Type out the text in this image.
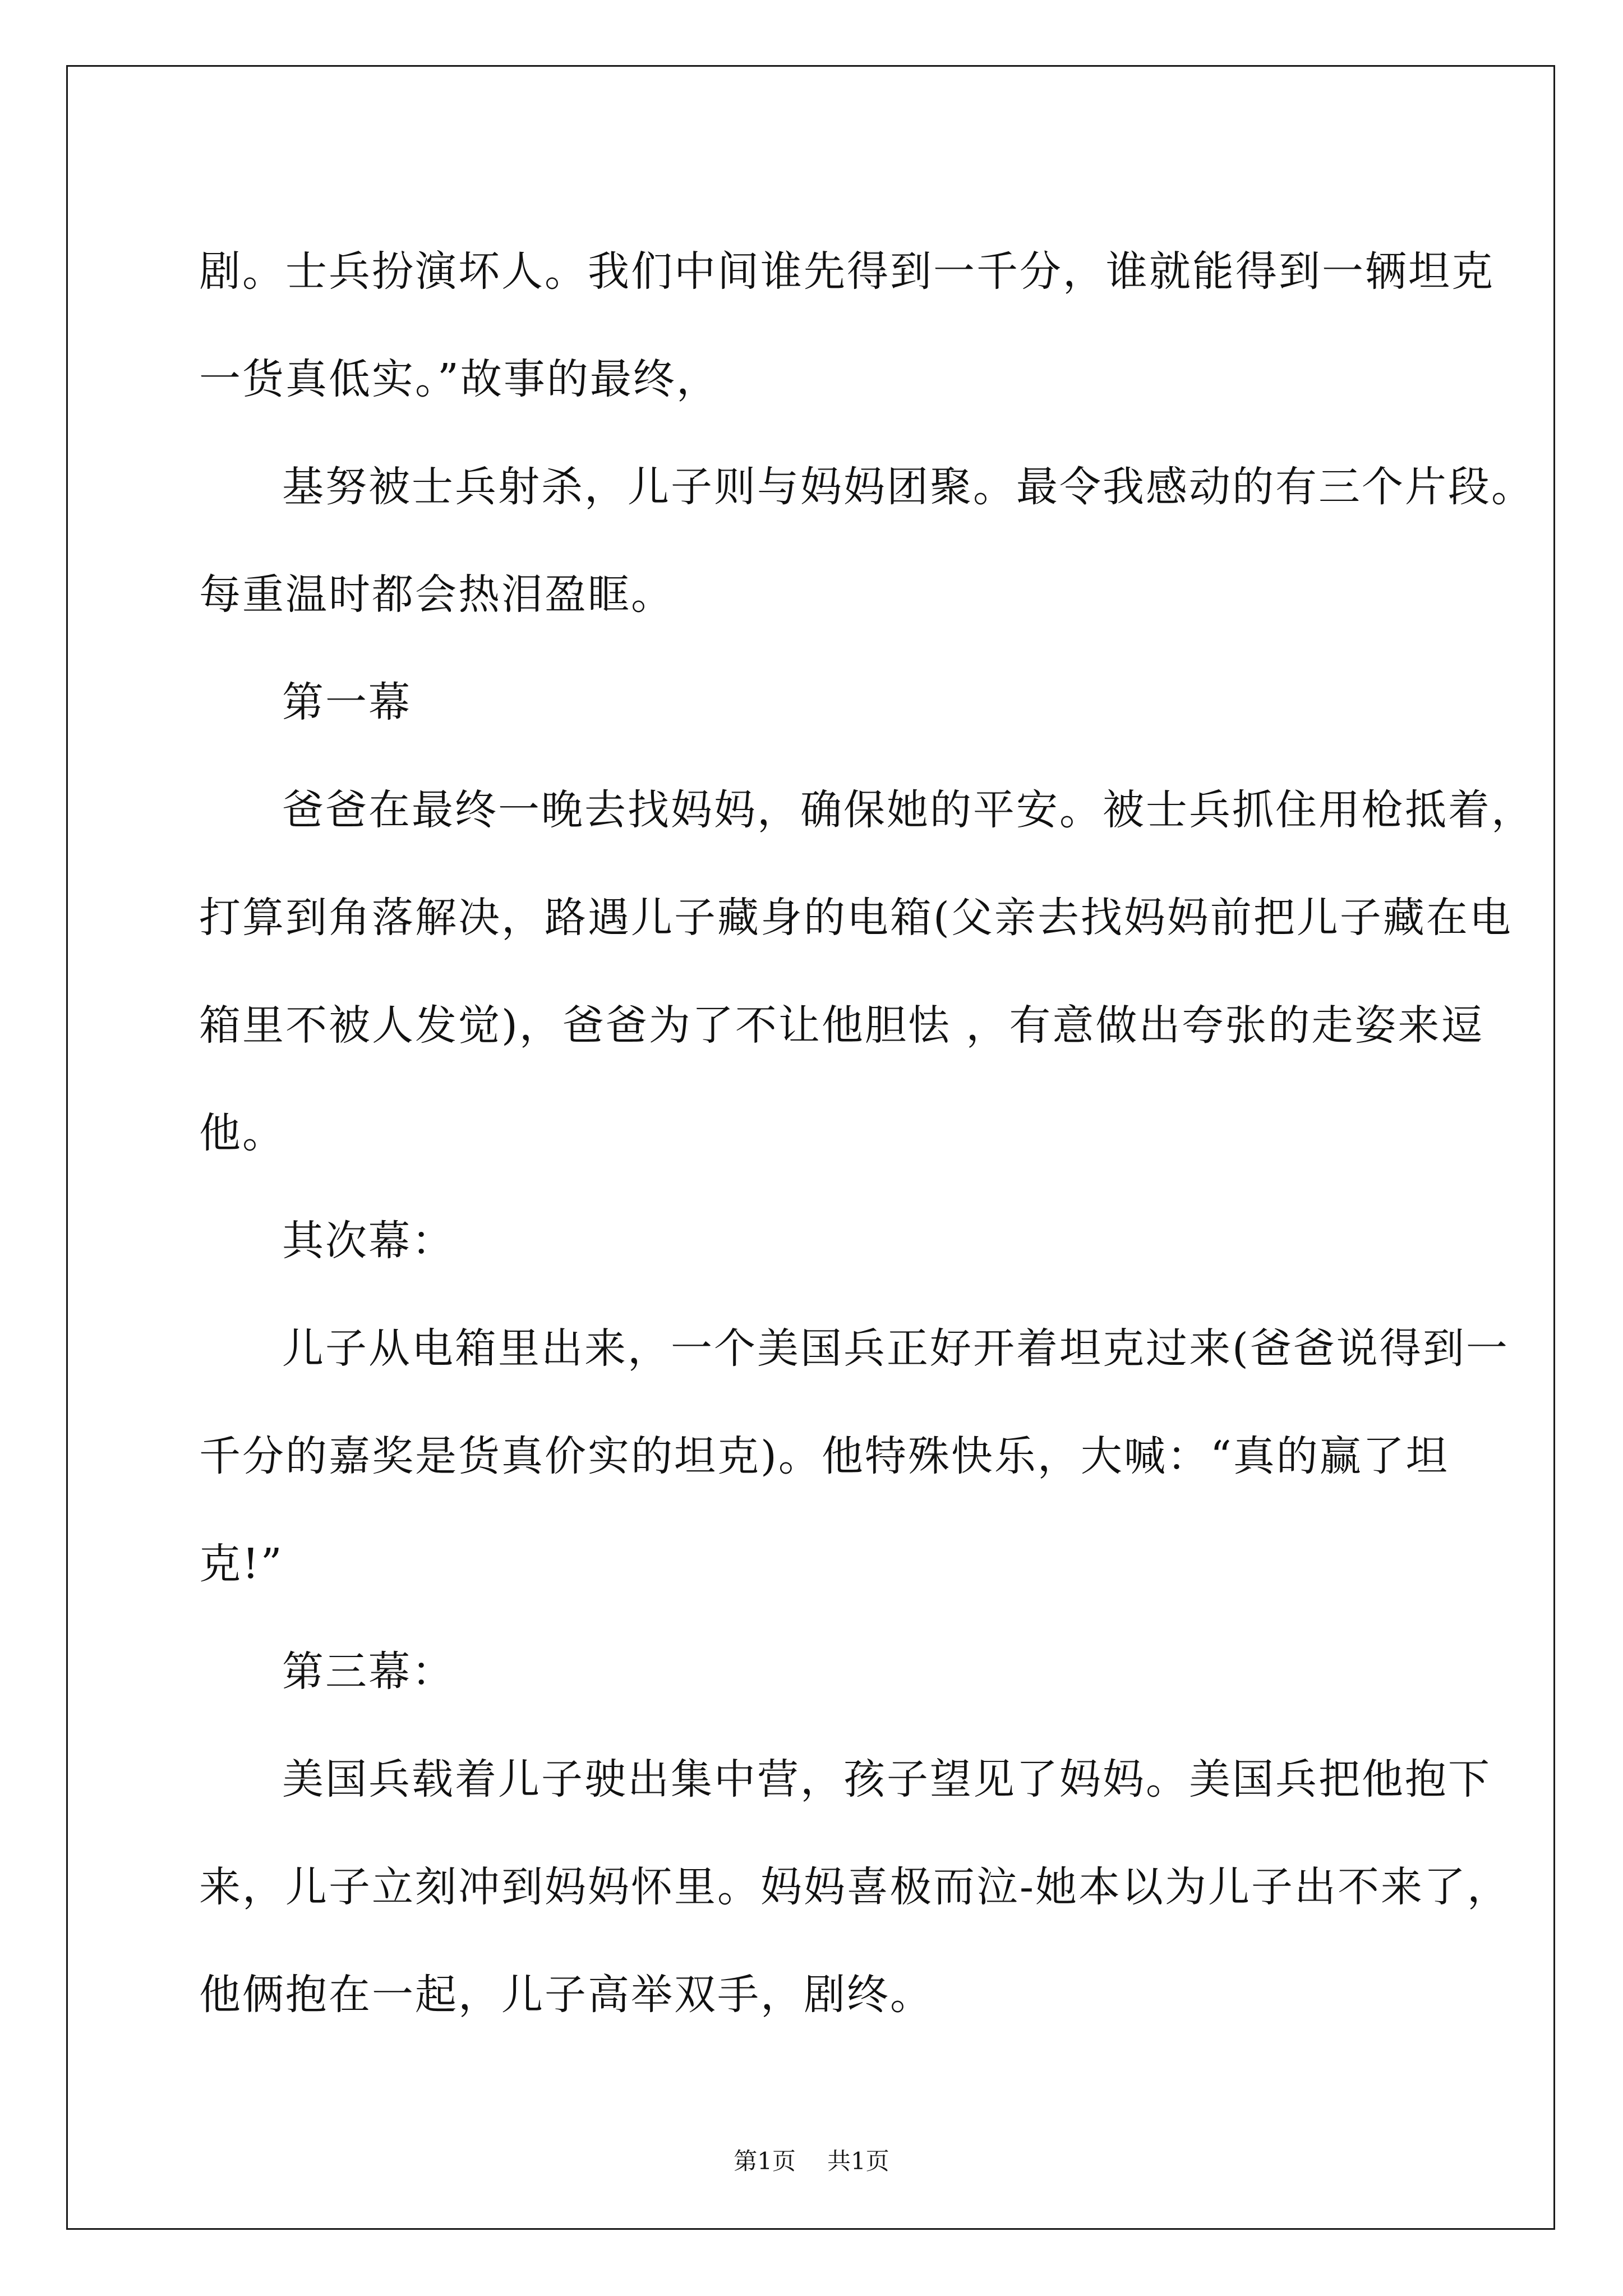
剧。士兵扮演坏人。我们中间谁先得到一千分，谁就能得到一辆坦克
一货真低实。”故事的最终，
基努被士兵射杀，儿子则与妈妈团聚。最令我感动的有三个片段。
每重温时都会热泪盈眶。
第一幕
爸爸在最终一晚去找妈妈，确保她的平安。被士兵抓住用枪抵着，
打算到角落解决，路遇儿子藏身的电箱(父亲去找妈妈前把儿子藏在电
箱里不被人发觉)，爸爸为了不让他胆怯 ，有意做出夸张的走姿来逗
他。
其次幕：
儿子从电箱里出来，一个美国兵正好开着坦克过来(爸爸说得到一
千分的嘉奖是货真价实的坦克)。他特殊快乐，大喊：“真的赢了坦
克!”
第三幕：
美国兵载着儿子驶出集中营，孩子望见了妈妈。美国兵把他抱下
来，儿子立刻冲到妈妈怀里。妈妈喜极而泣-她本以为儿子出不来了，
他俩抱在一起，儿子高举双手，剧终。
第1页 共1页
